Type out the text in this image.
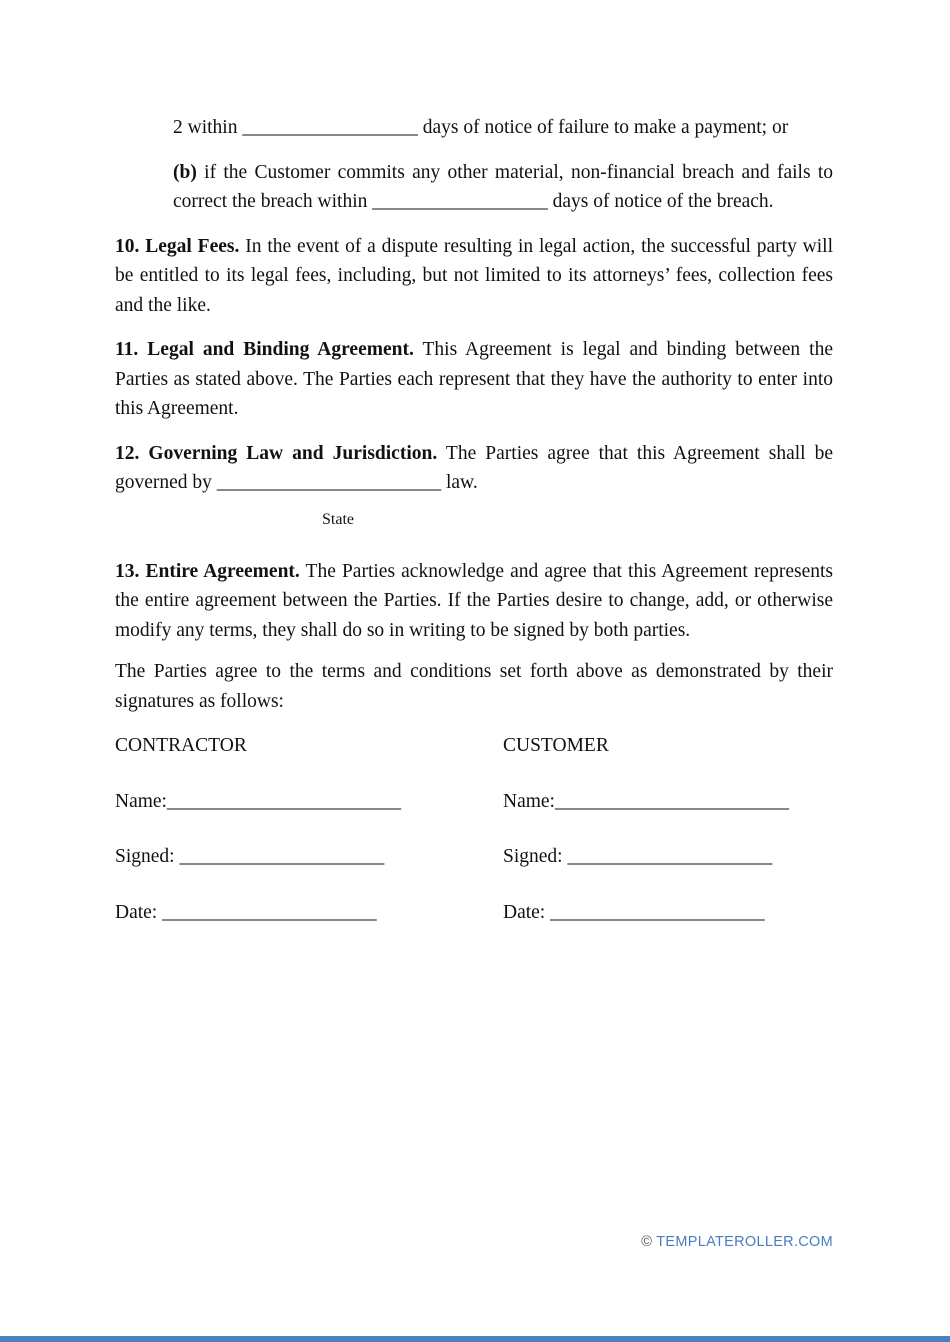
2 within __________________ days of notice of failure to make a payment; or

(b) if the Customer commits any other material, non-financial breach and fails to correct the breach within __________________ days of notice of the breach.

10. Legal Fees. In the event of a dispute resulting in legal action, the successful party will be entitled to its legal fees, including, but not limited to its attorneys’ fees, collection fees and the like.

11. Legal and Binding Agreement. This Agreement is legal and binding between the Parties as stated above. The Parties each represent that they have the authority to enter into this Agreement.

12. Governing Law and Jurisdiction. The Parties agree that this Agreement shall be governed by _______________________ law.

State

13. Entire Agreement. The Parties acknowledge and agree that this Agreement represents the entire agreement between the Parties. If the Parties desire to change, add, or otherwise modify any terms, they shall do so in writing to be signed by both parties.

The Parties agree to the terms and conditions set forth above as demonstrated by their signatures as follows:

CONTRACTOR
Name:________________________
Signed: _____________________
Date: ______________________
CUSTOMER
Name:________________________
Signed: _____________________
Date: ______________________
© TEMPLATEROLLER.COM
